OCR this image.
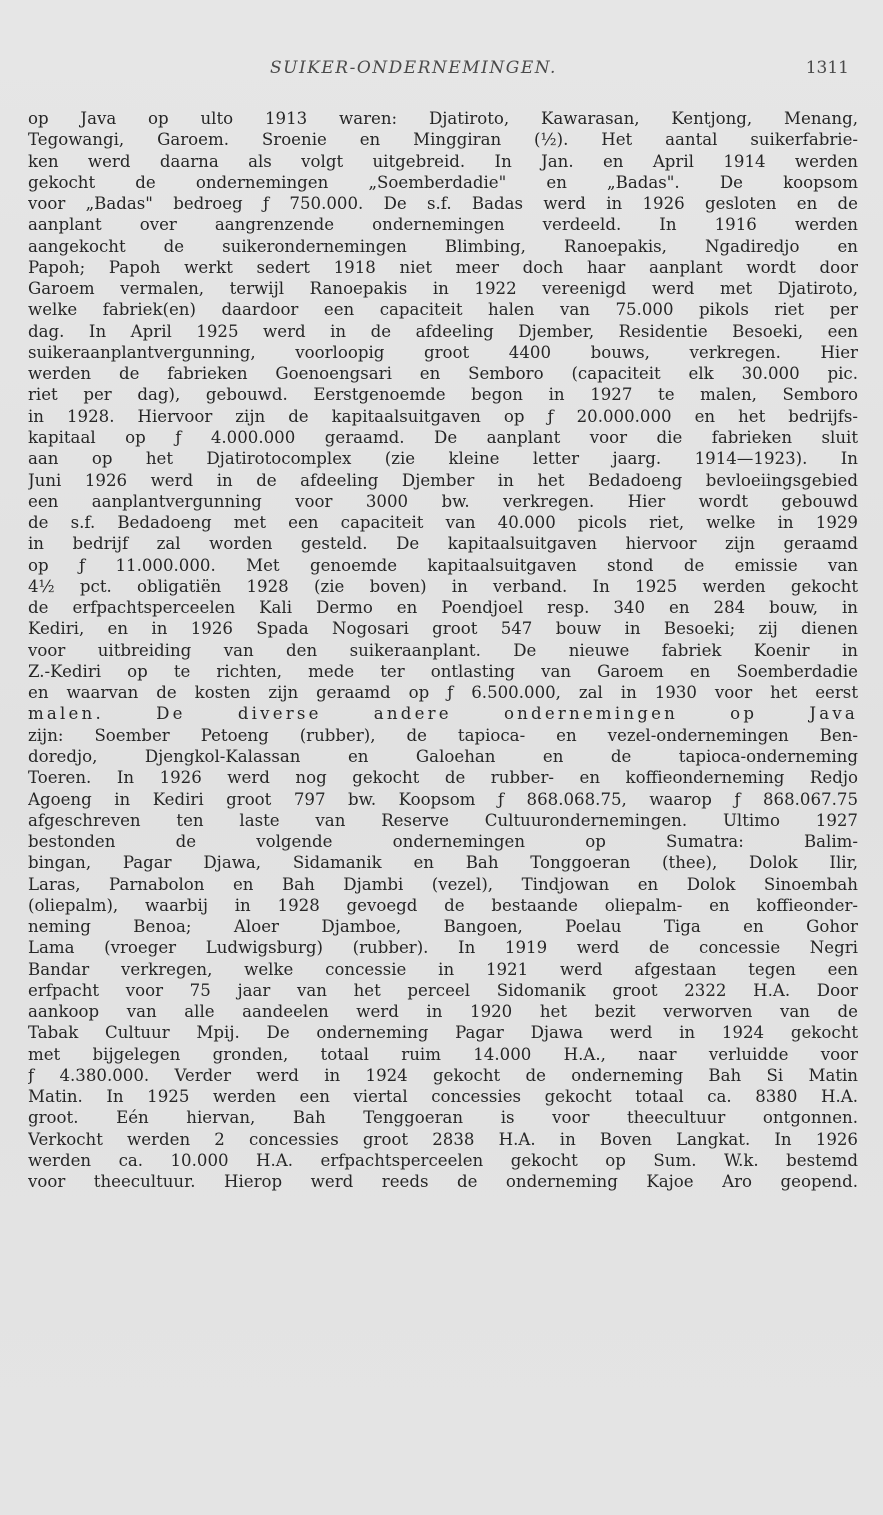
SUIKER-ONDERNEMINGEN.	1311
op Java op ulto 1913 waren: Djatiroto, Kawarasan, Kentjong, Menang,
Tegowangi, Garoem. Sroenie en Minggiran (½). Het aantal suikerfabrie-
ken werd daarna als volgt uitgebreid. In Jan. en April 1914 werden
gekocht de ondernemingen „Soemberdadie" en „Badas". De koopsom
voor „Badas" bedroeg ƒ 750.000. De s.f. Badas werd in 1926 gesloten en de
aanplant over aangrenzende ondernemingen verdeeld. In 1916 werden
aangekocht de suikerondernemingen Blimbing, Ranoepakis, Ngadiredjo en
Papoh; Papoh werkt sedert 1918 niet meer doch haar aanplant wordt door
Garoem vermalen, terwijl Ranoepakis in 1922 vereenigd werd met Djatiroto,
welke fabriek(en) daardoor een capaciteit halen van 75.000 pikols riet per
dag. In April 1925 werd in de afdeeling Djember, Residentie Besoeki, een
suikeraanplantvergunning, voorloopig groot 4400 bouws, verkregen. Hier
werden de fabrieken Goenoengsari en Semboro (capaciteit elk 30.000 pic.
riet per dag), gebouwd. Eerstgenoemde begon in 1927 te malen, Semboro
in 1928. Hiervoor zijn de kapitaalsuitgaven op ƒ 20.000.000 en het bedrijfs-
kapitaal op ƒ 4.000.000 geraamd. De aanplant voor die fabrieken sluit
aan op het Djatirotocomplex (zie kleine letter jaarg. 1914—1923). In
Juni 1926 werd in de afdeeling Djember in het Bedadoeng bevloeiingsgebied
een aanplantvergunning voor 3000 bw. verkregen. Hier wordt gebouwd
de s.f. Bedadoeng met een capaciteit van 40.000 picols riet, welke in 1929
in bedrijf zal worden gesteld. De kapitaalsuitgaven hiervoor zijn geraamd
op ƒ 11.000.000. Met genoemde kapitaalsuitgaven stond de emissie van
4½ pct. obligatiën 1928 (zie boven) in verband. In 1925 werden gekocht
de erfpachtsperceelen Kali Dermo en Poendjoel resp. 340 en 284 bouw, in
Kediri, en in 1926 Spada Nogosari groot 547 bouw in Besoeki; zij dienen
voor uitbreiding van den suikeraanplant. De nieuwe fabriek Koenir in
Z.-Kediri op te richten, mede ter ontlasting van Garoem en Soemberdadie
en waarvan de kosten zijn geraamd op ƒ 6.500.000, zal in 1930 voor het eerst
malen. De diverse andere ondernemingen op Java
zijn: Soember Petoeng (rubber), de tapioca- en vezel-ondernemingen Ben-
doredjo, Djengkol-Kalassan en Galoehan en de tapioca-onderneming
Toeren. In 1926 werd nog gekocht de rubber- en koffieonderneming Redjo
Agoeng in Kediri groot 797 bw. Koopsom ƒ 868.068.75, waarop ƒ 868.067.75
afgeschreven ten laste van Reserve Cultuurondernemingen. Ultimo 1927
bestonden de volgende ondernemingen op Sumatra: Balim-
bingan, Pagar Djawa, Sidamanik en Bah Tonggoeran (thee), Dolok Ilir,
Laras, Parnabolon en Bah Djambi (vezel), Tindjowan en Dolok Sinoembah
(oliepalm), waarbij in 1928 gevoegd de bestaande oliepalm- en koffieonder-
neming Benoa; Aloer Djamboe, Bangoen, Poelau Tiga en Gohor
Lama (vroeger Ludwigsburg) (rubber). In 1919 werd de concessie Negri
Bandar verkregen, welke concessie in 1921 werd afgestaan tegen een
erfpacht voor 75 jaar van het perceel Sidomanik groot 2322 H.A. Door
aankoop van alle aandeelen werd in 1920 het bezit verworven van de
Tabak Cultuur Mpij. De onderneming Pagar Djawa werd in 1924 gekocht
met bijgelegen gronden, totaal ruim 14.000 H.A., naar verluidde voor
ƒ 4.380.000. Verder werd in 1924 gekocht de onderneming Bah Si Matin
Matin. In 1925 werden een viertal concessies gekocht totaal ca. 8380 H.A.
groot. Eén hiervan, Bah Tenggoeran is voor theecultuur ontgonnen.
Verkocht werden 2 concessies groot 2838 H.A. in Boven Langkat. In 1926
werden ca. 10.000 H.A. erfpachtsperceelen gekocht op Sum. W.k. bestemd
voor theecultuur. Hierop werd reeds de onderneming Kajoe Aro geopend.
